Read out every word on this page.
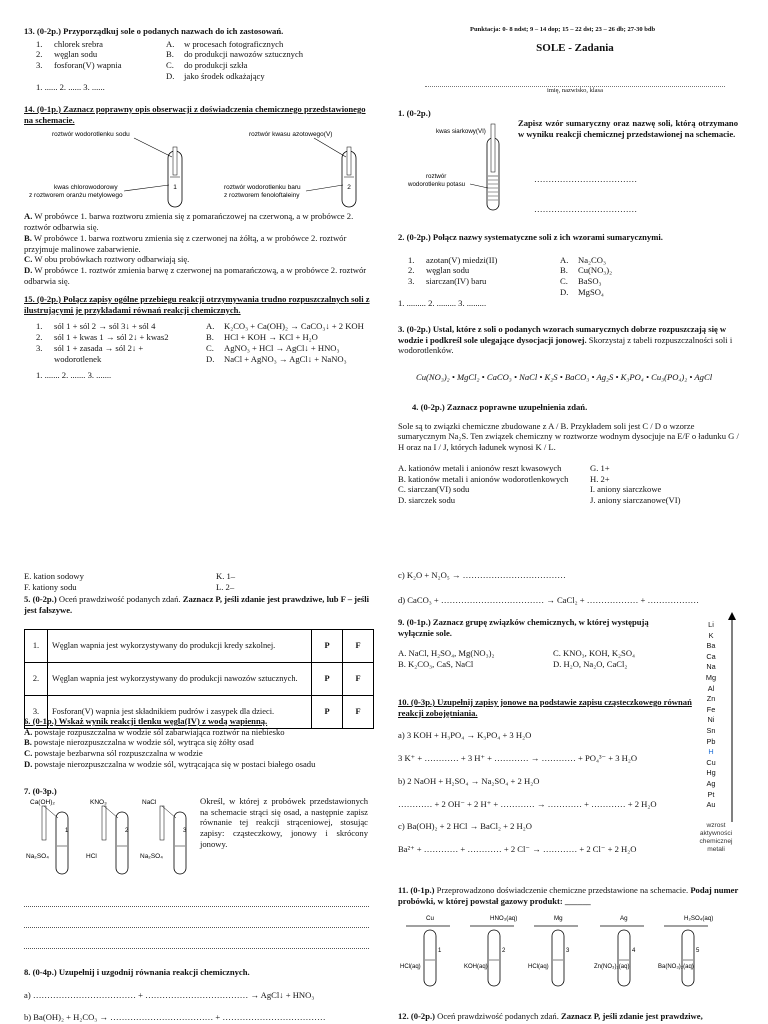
13. (0-2p.) Przyporządkuj sole o podanych nazwach do ich zastosowań.

1.	chlorek srebra
2.	węglan sodu
3.	fosforan(V) wapnia
A.	w procesach fotograficznych
B.	do produkcji nawozów sztucznych
C.	do produkcji szkła
D.	jako środek odkażający

1. ...... 2. ...... 3. ......

14. (0-1p.) Zaznacz poprawny opis obserwacji z doświadczenia chemicznego przedstawionego na schemacie.

roztwór wodorotlenku sodu	roztwór kwasu azotowego(V)
1	2
kwas chlorowodorowy
z roztworem oranżu metylowego
roztwór wodorotlenku baru
z roztworem fenoloftaleiny

A. W probówce 1. barwa roztworu zmienia się z pomarańczowej na czerwoną, a w probówce 2. roztwór odbarwia się.

B. W probówce 1. barwa roztworu zmienia się z czerwonej na żółtą, a w probówce 2. roztwór przyjmuje malinowe zabarwienie.

C. W obu probówkach roztwory odbarwiają się.

D. W probówce 1. roztwór zmienia barwę z czerwonej na pomarańczową, a w probówce 2. roztwór odbarwia się.

15. (0-2p.) Połącz zapisy ogólne przebiegu reakcji otrzymywania trudno rozpuszczalnych soli z ilustrującymi je przykładami równań reakcji chemicznych.

1.	sól 1 + sól 2 → sól 3↓ + sól 4
2.	sól 1 + kwas 1 → sól 2↓ + kwas2
3.	sól 1 + zasada → sól 2↓ + wodorotlenek
A.	K₂CO₃ + Ca(OH)₂ → CaCO₃↓ + 2 KOH
B.	HCl + KOH → KCl + H₂O
C.	AgNO₃ + HCl → AgCl↓ + HNO₃
D.	NaCl + AgNO₃ → AgCl↓ + NaNO₃

1. ....... 2. ....... 3. .......

E. kation sodowy	K. 1–
F. kationy sodu	L. 2–

5. (0-2p.) Oceń prawdziwość podanych zdań. Zaznacz P, jeśli zdanie jest prawdziwe, lub F – jeśli jest fałszywe.

1.	Węglan wapnia jest wykorzystywany do produkcji kredy szkolnej.	P	F
2.	Węglan wapnia jest wykorzystywany do produkcji nawozów sztucznych.	P	F
3.	Fosforan(V) wapnia jest składnikiem pudrów i zasypek dla dzieci.	P	F

6. (0-1p.) Wskaż wynik reakcji tlenku węgla(IV) z wodą wapienną.

A. powstaje rozpuszczalna w wodzie sól zabarwiająca roztwór na niebiesko

B. powstaje nierozpuszczalna w wodzie sól, wytrąca się żółty osad

C. powstaje bezbarwna sól rozpuszczalna w wodzie

D. powstaje nierozpuszczalna w wodzie sól, wytrącająca się w postaci białego osadu

7. (0-3p.)

Ca(OH)₂	KNO₃	NaCl
1	2	3
Na₂SO₄	HCl	Na₂SO₄

Określ, w której z probówek przedstawionych na schemacie strąci się osad, a następnie zapisz równanie tej reakcji strąceniowej, stosując zapisy: cząsteczkowy, jonowy i skrócony jonowy.

8. (0-4p.) Uzupełnij i uzgodnij równania reakcji chemicznych.

a) ……………………………… + ……………………………… → AgCl↓ + HNO₃

b) Ba(OH)₂ + H₂CO₃ → ……………………………… + ………………………………

Punktacja: 0- 8 ndst; 9 – 14 dop; 15 – 22 dst; 23 – 26 db; 27-30 bdb

SOLE - Zadania

imię, nazwisko, klasa

1. (0-2p.)

kwas siarkowy(VI)
roztwór
wodorotlenku potasu

Zapisz wzór sumaryczny oraz nazwę soli, którą otrzymano w wyniku reakcji chemicznej przedstawionej na schemacie.

………………………………

………………………………

2. (0-2p.) Połącz nazwy systematyczne soli z ich wzorami sumarycznymi.

1.	azotan(V) miedzi(II)
2.	węglan sodu
3.	siarczan(IV) baru
A.	Na₂CO₃
B.	Cu(NO₃)₂
C.	BaSO₃
D.	MgSO₄

1. ......... 2. ......... 3. .........

3. (0-2p.) Ustal, które z soli o podanych wzorach sumarycznych dobrze rozpuszczają się w wodzie i podkreśl sole ulegające dysocjacji jonowej. Skorzystaj z tabeli rozpuszczalności soli i wodorotlenków.

Cu(NO₃)₂ • MgCl₂ • CaCO₃ • NaCl • K₂S • BaCO₃ • Ag₂S • K₃PO₄ • Cu₃(PO₄)₂ • AgCl

4. (0-2p.) Zaznacz poprawne uzupełnienia zdań.

Sole są to związki chemiczne zbudowane z A / B. Przykładem soli jest C / D o wzorze sumarycznym Na₂S. Ten związek chemiczny w roztworze wodnym dysocjuje na E/F o ładunku G / H oraz na I / J, których ładunek wynosi K / L.

A. kationów metali i anionów reszt kwasowych
B. kationów metali i anionów wodorotlenkowych
C. siarczan(VI) sodu
D. siarczek sodu
G. 1+
H. 2+
I. aniony siarczkowe
J. aniony siarczanowe(VI)

c) K₂O + N₂O₅ → ………………………………

d) CaCO₃ + ……………………………… → CaCl₂ + ……………… + ………………

9. (0-1p.) Zaznacz grupę związków chemicznych, w której występują

wyłącznie sole.

A. NaCl, H₂SO₄, Mg(NO₃)₂
B. K₂CO₃, CaS, NaCl
C. KNO₃, KOH, K₂SO₄
D. H₂O, Na₂O, CaCl₂
Li
K
Ba
Ca
Na
Mg
Al
Zn
Fe
Ni
Sn
Pb
H
Cu
Hg
Ag
Pt
Au
wzrost
aktywności
chemicznej
metali

10. (0-3p.) Uzupełnij zapisy jonowe na podstawie zapisu cząsteczkowego równań reakcji zobojętniania.

a) 3 KOH + H₃PO₄ → K₃PO₄ + 3 H₂O

3 K⁺ + ………… + 3 H⁺ + ………… → ………… + PO₄³⁻ + 3 H₂O

b) 2 NaOH + H₂SO₄ → Na₂SO₄ + 2 H₂O

………… + 2 OH⁻ + 2 H⁺ + ………… → ………… + ………… + 2 H₂O

c) Ba(OH)₂ + 2 HCl → BaCl₂ + 2 H₂O

Ba²⁺ + ………… + ………… + 2 Cl⁻ → ………… + 2 Cl⁻ + 2 H₂O

11. (0-1p.) Przeprowadzono doświadczenie chemiczne przedstawione na schemacie. Podaj numer probówki, w której powstał gazowy produkt: ______

Cu
1
HCl(aq)
HNO₃(aq)
2
KOH(aq)
Mg
3
HCl(aq)
Ag
4
Zn(NO₃)₂(aq)
H₂SO₄(aq)
5
Ba(NO₃)₂(aq)

12. (0-2p.) Oceń prawdziwość podanych zdań. Zaznacz P, jeśli zdanie jest prawdziwe,
